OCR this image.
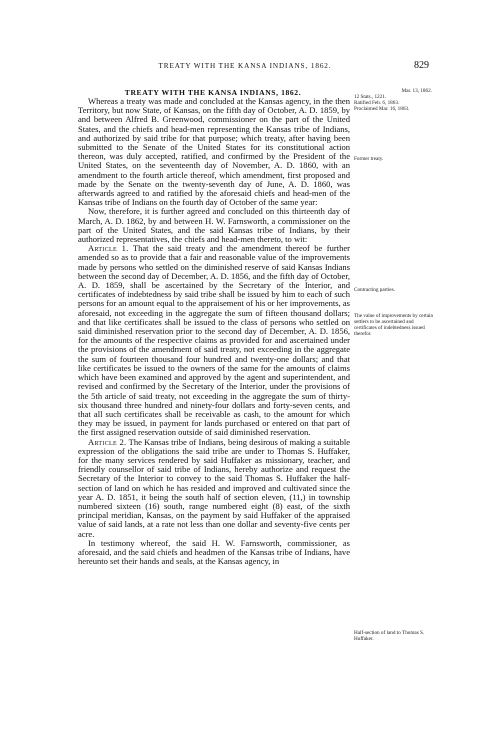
TREATY WITH THE KANSA INDIANS, 1862.	829
TREATY WITH THE KANSA INDIANS, 1862.	Mar. 13, 1862.
12 Stats., 1221.
Ratified Feb. 6, 1863.
Proclaimed Mar. 16, 1863.
Former treaty.
Contracting parties.
The value of improvements by certain settlers to be ascertained and certificates of indebtedness issued therefor.
Half-section of land to Thomas S. Huffaker.

Whereas a treaty was made and concluded at the Kansas agency, in the then Territory, but now State, of Kansas, on the fifth day of October, A. D. 1859, by and between Alfred B. Greenwood, commissioner on the part of the United States, and the chiefs and head-men representing the Kansas tribe of Indians, and authorized by said tribe for that purpose; which treaty, after having been submitted to the Senate of the United States for its constitutional action thereon, was duly accepted, ratified, and confirmed by the President of the United States, on the seventeenth day of November, A. D. 1860, with an amendment to the fourth article thereof, which amendment, first proposed and made by the Senate on the twenty-seventh day of June, A. D. 1860, was afterwards agreed to and ratified by the aforesaid chiefs and head-men of the Kansas tribe of Indians on the fourth day of October of the same year:

Now, therefore, it is further agreed and concluded on this thirteenth day of March, A. D. 1862, by and between H. W. Farnsworth, a commissioner on the part of the United States, and the said Kansas tribe of Indians, by their authorized representatives, the chiefs and head-men thereto, to wit:

Article 1. That the said treaty and the amendment thereof be further amended so as to provide that a fair and reasonable value of the improvements made by persons who settled on the diminished reserve of said Kansas Indians between the second day of December, A. D. 1856, and the fifth day of October, A. D. 1859, shall be ascertained by the Secretary of the Interior, and certificates of indebtedness by said tribe shall be issued by him to each of such persons for an amount equal to the appraisement of his or her improvements, as aforesaid, not exceeding in the aggregate the sum of fifteen thousand dollars; and that like certificates shall be issued to the class of persons who settled on said diminished reservation prior to the second day of December, A. D. 1856, for the amounts of the respective claims as provided for and ascertained under the provisions of the amendment of said treaty, not exceeding in the aggregate the sum of fourteen thousand four hundred and twenty-one dollars; and that like certificates be issued to the owners of the same for the amounts of claims which have been examined and approved by the agent and superintendent, and revised and confirmed by the Secretary of the Interior, under the provisions of the 5th article of said treaty, not exceeding in the aggregate the sum of thirty-six thousand three hundred and ninety-four dollars and forty-seven cents, and that all such certificates shall be receivable as cash, to the amount for which they may be issued, in payment for lands purchased or entered on that part of the first assigned reservation outside of said diminished reservation.

Article 2. The Kansas tribe of Indians, being desirous of making a suitable expression of the obligations the said tribe are under to Thomas S. Huffaker, for the many services rendered by said Huffaker as missionary, teacher, and friendly counsellor of said tribe of Indians, hereby authorize and request the Secretary of the Interior to convey to the said Thomas S. Huffaker the half-section of land on which he has resided and improved and cultivated since the year A. D. 1851, it being the south half of section eleven, (11,) in township numbered sixteen (16) south, range numbered eight (8) east, of the sixth principal meridian, Kansas, on the payment by said Huffaker of the appraised value of said lands, at a rate not less than one dollar and seventy-five cents per acre.

In testimony whereof, the said H. W. Farnsworth, commissioner, as aforesaid, and the said chiefs and headmen of the Kansas tribe of Indians, have hereunto set their hands and seals, at the Kansas agency, in
